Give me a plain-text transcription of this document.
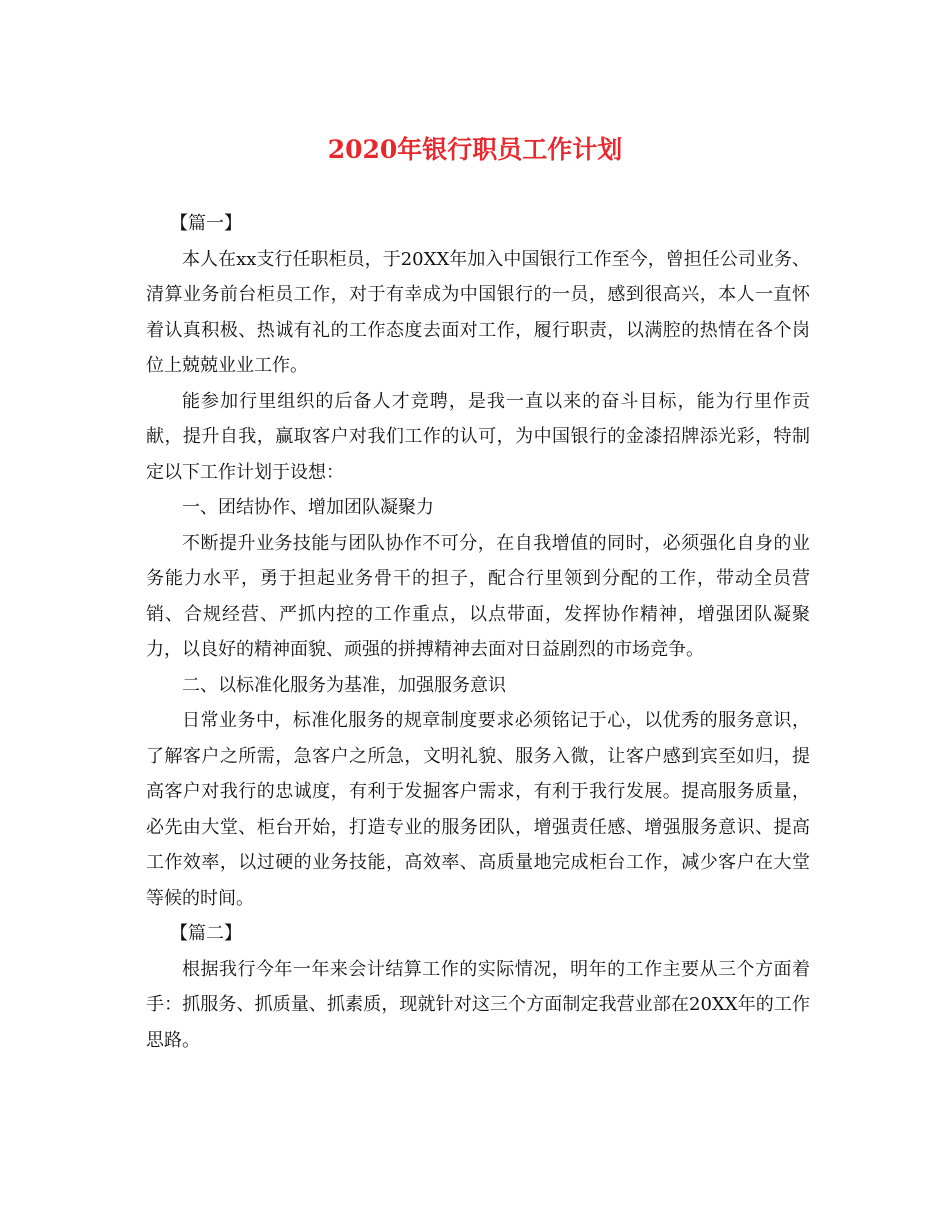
2020年银行职员工作计划

【篇一】

本人在xx支行任职柜员，于20XX年加入中国银行工作至今，曾担任公司业务、清算业务前台柜员工作，对于有幸成为中国银行的一员，感到很高兴，本人一直怀着认真积极、热诚有礼的工作态度去面对工作，履行职责，以满腔的热情在各个岗位上兢兢业业工作。

能参加行里组织的后备人才竞聘，是我一直以来的奋斗目标，能为行里作贡献，提升自我，赢取客户对我们工作的认可，为中国银行的金漆招牌添光彩，特制定以下工作计划于设想：

一、团结协作、增加团队凝聚力

不断提升业务技能与团队协作不可分，在自我增值的同时，必须强化自身的业务能力水平，勇于担起业务骨干的担子，配合行里领到分配的工作，带动全员营销、合规经营、严抓内控的工作重点，以点带面，发挥协作精神，增强团队凝聚力，以良好的精神面貌、顽强的拼搏精神去面对日益剧烈的市场竞争。

二、以标准化服务为基准，加强服务意识

日常业务中，标准化服务的规章制度要求必须铭记于心，以优秀的服务意识，了解客户之所需，急客户之所急，文明礼貌、服务入微，让客户感到宾至如归，提高客户对我行的忠诚度，有利于发掘客户需求，有利于我行发展。提高服务质量，必先由大堂、柜台开始，打造专业的服务团队，增强责任感、增强服务意识、提高工作效率，以过硬的业务技能，高效率、高质量地完成柜台工作，减少客户在大堂等候的时间。

【篇二】

根据我行今年一年来会计结算工作的实际情况，明年的工作主要从三个方面着手：抓服务、抓质量、抓素质，现就针对这三个方面制定我营业部在20XX年的工作思路。
